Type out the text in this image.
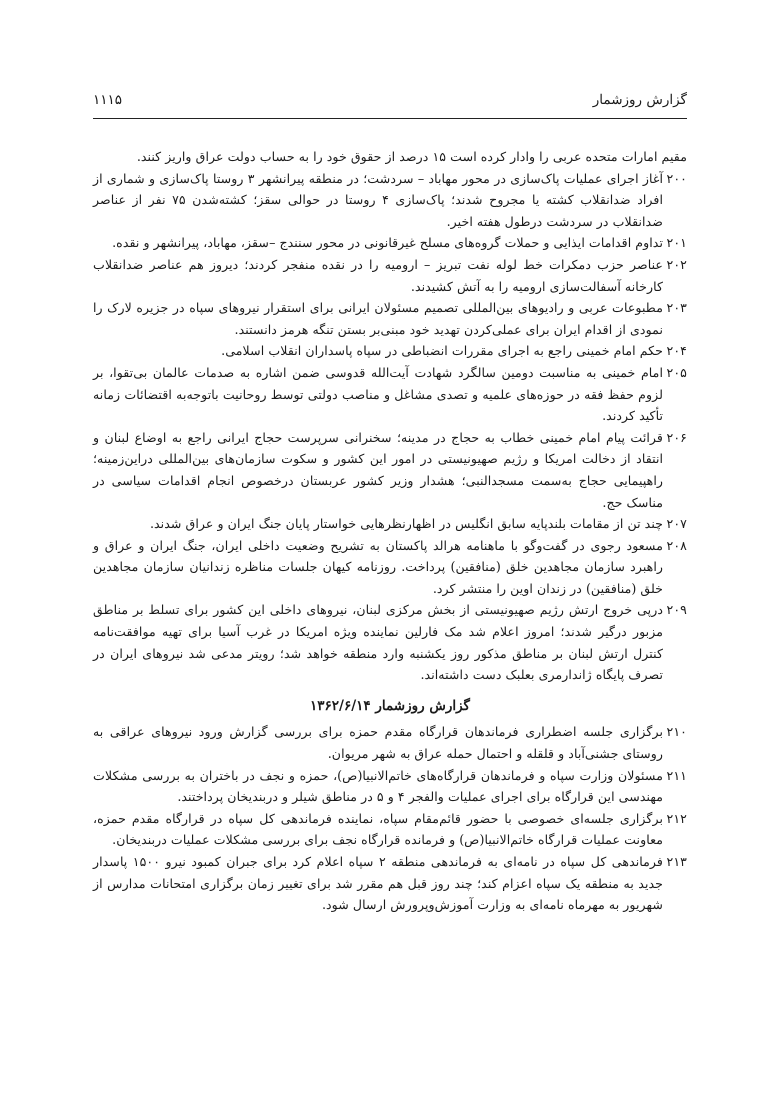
گزارش روزشمار
۱۱۱۵

مقیم امارات متحده عربی را وادار کرده است ۱۵ درصد از حقوق خود را به حساب دولت عراق واریز کنند.

۲۰۰آغاز اجرای عملیات پاک‌سازی در محور مهاباد – سردشت؛ در منطقه پیرانشهر ۳ روستا پاک‌سازی و شماری از افراد ضدانقلاب کشته یا مجروح شدند؛ پاک‌سازی ۴ روستا در حوالی سقز؛ کشته‌شدن ۷۵ نفر از عناصر ضدانقلاب در سردشت درطول هفته اخیر.

۲۰۱تداوم اقدامات ایذایی و حملات گروه‌های مسلح غیرقانونی در محور سنندج –سقز، مهاباد، پیرانشهر و نقده.

۲۰۲عناصر حزب دمکرات خط لوله نفت تبریز – ارومیه را در نقده منفجر کردند؛ دیروز هم عناصر ضدانقلاب کارخانه آسفالت‌سازی ارومیه را به آتش کشیدند.

۲۰۳مطبوعات عربی و رادیوهای بین‌المللی تصمیم مسئولان ایرانی برای استقرار نیروهای سپاه در جزیره لارک را نمودی از اقدام ایران برای عملی‌کردن تهدید خود مبنی‌بر بستن تنگه هرمز دانستند.

۲۰۴حکم امام خمینی راجع به اجرای مقررات انضباطی در سپاه پاسداران انقلاب اسلامی.

۲۰۵امام خمینی به مناسبت دومین سالگرد شهادت آیت‌الله قدوسی ضمن اشاره به صدمات عالمان بی‌تقوا، بر لزوم حفظ فقه در حوزه‌های علمیه و تصدی مشاغل و مناصب دولتی توسط روحانیت باتوجه‌به اقتضائات زمانه تأکید کردند.

۲۰۶قرائت پیام امام خمینی خطاب به حجاج در مدینه؛ سخنرانی سرپرست حجاج ایرانی راجع به اوضاع لبنان و انتقاد از دخالت امریکا و رژیم صهیونیستی در امور این کشور و سکوت سازمان‌های بین‌المللی دراین‌زمینه؛ راهپیمایی حجاج به‌سمت مسجدالنبی؛ هشدار وزیر کشور عربستان درخصوص انجام اقدامات سیاسی در مناسک حج.

۲۰۷چند تن از مقامات بلندپایه سابق انگلیس در اظهارنظرهایی خواستار پایان جنگ ایران و عراق شدند.

۲۰۸مسعود رجوی در گفت‌وگو با ماهنامه هرالد پاکستان به تشریح وضعیت داخلی ایران، جنگ ایران و عراق و راهبرد سازمان مجاهدین خلق (منافقین) پرداخت. روزنامه کیهان جلسات مناظره زندانیان سازمان مجاهدین خلق (منافقین) در زندان اوین را منتشر کرد.

۲۰۹درپی خروج ارتش رژیم صهیونیستی از بخش مرکزی لبنان، نیروهای داخلی این کشور برای تسلط بر مناطق مزبور درگیر شدند؛ امروز اعلام شد مک فارلین نماینده ویژه امریکا در غرب آسیا برای تهیه موافقت‌نامه کنترل ارتش لبنان بر مناطق مذکور روز یکشنبه وارد منطقه خواهد شد؛ رویتر مدعی شد نیروهای ایران در تصرف پایگاه ژاندارمری بعلبک دست داشته‌اند.

گزارش روزشمار ۱۳۶۲/۶/۱۴

۲۱۰برگزاری جلسه اضطراری فرماندهان قرارگاه مقدم حمزه برای بررسی گزارش ورود نیروهای عراقی به روستای جشنی‌آباد و قلقله و احتمال حمله عراق به شهر مریوان.

۲۱۱مسئولان وزارت سپاه و فرماندهان قرارگاه‌های خاتم‌الانبیا(ص)، حمزه و نجف در باختران به بررسی مشکلات مهندسی این قرارگاه برای اجرای عملیات والفجر ۴ و ۵ در مناطق شیلر و دربندیخان پرداختند.

۲۱۲برگزاری جلسه‌ای خصوصی با حضور قائم‌مقام سپاه، نماینده فرماندهی کل سپاه در قرارگاه مقدم حمزه، معاونت عملیات قرارگاه خاتم‌الانبیا(ص) و فرمانده قرارگاه نجف برای بررسی مشکلات عملیات دربندیخان.

۲۱۳فرماندهی کل سپاه در نامه‌ای به فرماندهی منطقه ۲ سپاه اعلام کرد برای جبران کمبود نیرو ۱۵۰۰ پاسدار جدید به منطقه یک سپاه اعزام کند؛ چند روز قبل هم مقرر شد برای تغییر زمان برگزاری امتحانات مدارس از شهریور به مهرماه نامه‌ای به وزارت آموزش‌وپرورش ارسال شود.
